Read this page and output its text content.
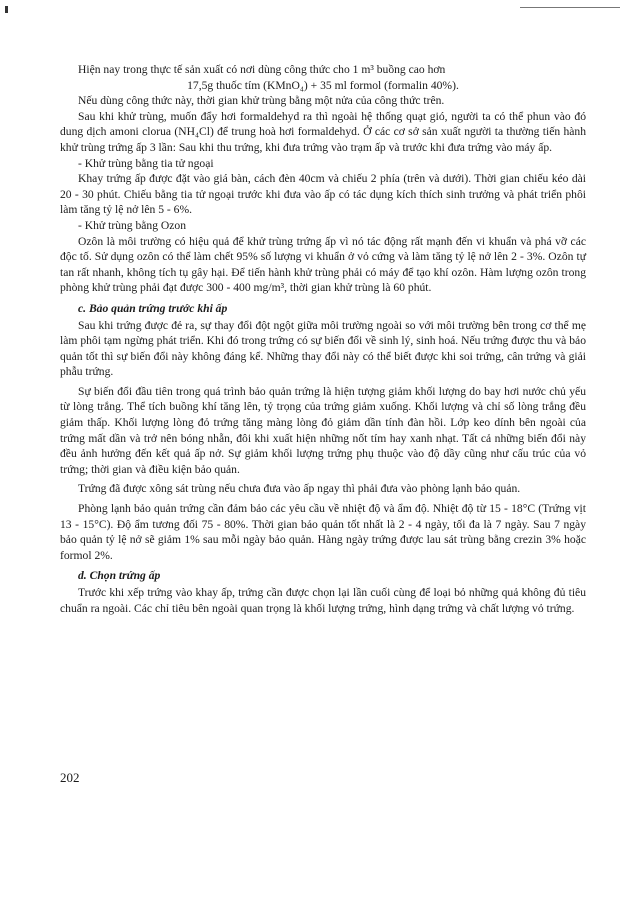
Hiện nay trong thực tế sản xuất có nơi dùng công thức cho 1 m³ buồng cao hơn

17,5g thuốc tím (KMnO₄) + 35 ml formol (formalin 40%).

Nếu dùng công thức này, thời gian khử trùng bằng một nửa của công thức trên.

Sau khi khử trùng, muốn đẩy hơi formaldehyd ra thì ngoài hệ thống quạt gió, người ta có thể phun vào đó dung dịch amoni clorua (NH₄Cl) để trung hoà hơi formaldehyd. Ở các cơ sở sản xuất người ta thường tiến hành khử trùng trứng ấp 3 lần: Sau khi thu trứng, khi đưa trứng vào trạm ấp và trước khi đưa trứng vào máy ấp.

- Khử trùng bằng tia tử ngoại

Khay trứng ấp được đặt vào giá bàn, cách đèn 40cm và chiếu 2 phía (trên và dưới). Thời gian chiếu kéo dài 20 - 30 phút. Chiếu bằng tia tử ngoại trước khi đưa vào ấp có tác dụng kích thích sinh trưởng và phát triển phôi làm tăng tỷ lệ nở lên 5 - 6%.

- Khử trùng bằng Ozon

Ozôn là môi trường có hiệu quả để khử trùng trứng ấp vì nó tác động rất mạnh đến vi khuẩn và phá vỡ các độc tố. Sử dụng ozôn có thể làm chết 95% số lượng vi khuẩn ở vỏ cứng và làm tăng tỷ lệ nở lên 2 - 3%. Ozôn tự tan rất nhanh, không tích tụ gây hại. Để tiến hành khử trùng phải có máy để tạo khí ozôn. Hàm lượng ozôn trong phòng khử trùng phải đạt được 300 - 400 mg/m³, thời gian khử trùng là 60 phút.

c. Bảo quản trứng trước khi ấp

Sau khi trứng được đẻ ra, sự thay đổi đột ngột giữa môi trường ngoài so với môi trường bên trong cơ thể mẹ làm phôi tạm ngừng phát triển. Khi đó trong trứng có sự biến đổi về sinh lý, sinh hoá. Nếu trứng được thu và bảo quản tốt thì sự biến đổi này không đáng kể. Những thay đổi này có thể biết được khi soi trứng, cân trứng và giải phẫu trứng.

Sự biến đổi đầu tiên trong quá trình bảo quản trứng là hiện tượng giảm khối lượng do bay hơi nước chủ yếu từ lòng trắng. Thể tích buồng khí tăng lên, tỷ trọng của trứng giảm xuống. Khối lượng và chỉ số lòng trắng đều giảm thấp. Khối lượng lòng đỏ trứng tăng màng lòng đỏ giảm dần tính đàn hồi. Lớp keo dính bên ngoài của trứng mất dần và trở nên bóng nhẵn, đôi khi xuất hiện những nốt tím hay xanh nhạt. Tất cả những biến đổi này đều ảnh hưởng đến kết quả ấp nở. Sự giảm khối lượng trứng phụ thuộc vào độ dầy cũng như cấu trúc của vỏ trứng; thời gian và điều kiện bảo quản.

Trứng đã được xông sát trùng nếu chưa đưa vào ấp ngay thì phải đưa vào phòng lạnh bảo quản.

Phòng lạnh bảo quản trứng cần đảm bảo các yêu cầu về nhiệt độ và ẩm độ. Nhiệt độ từ 15 - 18°C (Trứng vịt 13 - 15°C). Độ ẩm tương đối 75 - 80%. Thời gian bảo quản tốt nhất là 2 - 4 ngày, tối đa là 7 ngày. Sau 7 ngày bảo quản tỷ lệ nở sẽ giảm 1% sau mỗi ngày bảo quản. Hàng ngày trứng được lau sát trùng bằng crezin 3% hoặc formol 2%.

d. Chọn trứng ấp

Trước khi xếp trứng vào khay ấp, trứng cần được chọn lại lần cuối cùng để loại bỏ những quả không đủ tiêu chuẩn ra ngoài. Các chỉ tiêu bên ngoài quan trọng là khối lượng trứng, hình dạng trứng và chất lượng vỏ trứng.

202
